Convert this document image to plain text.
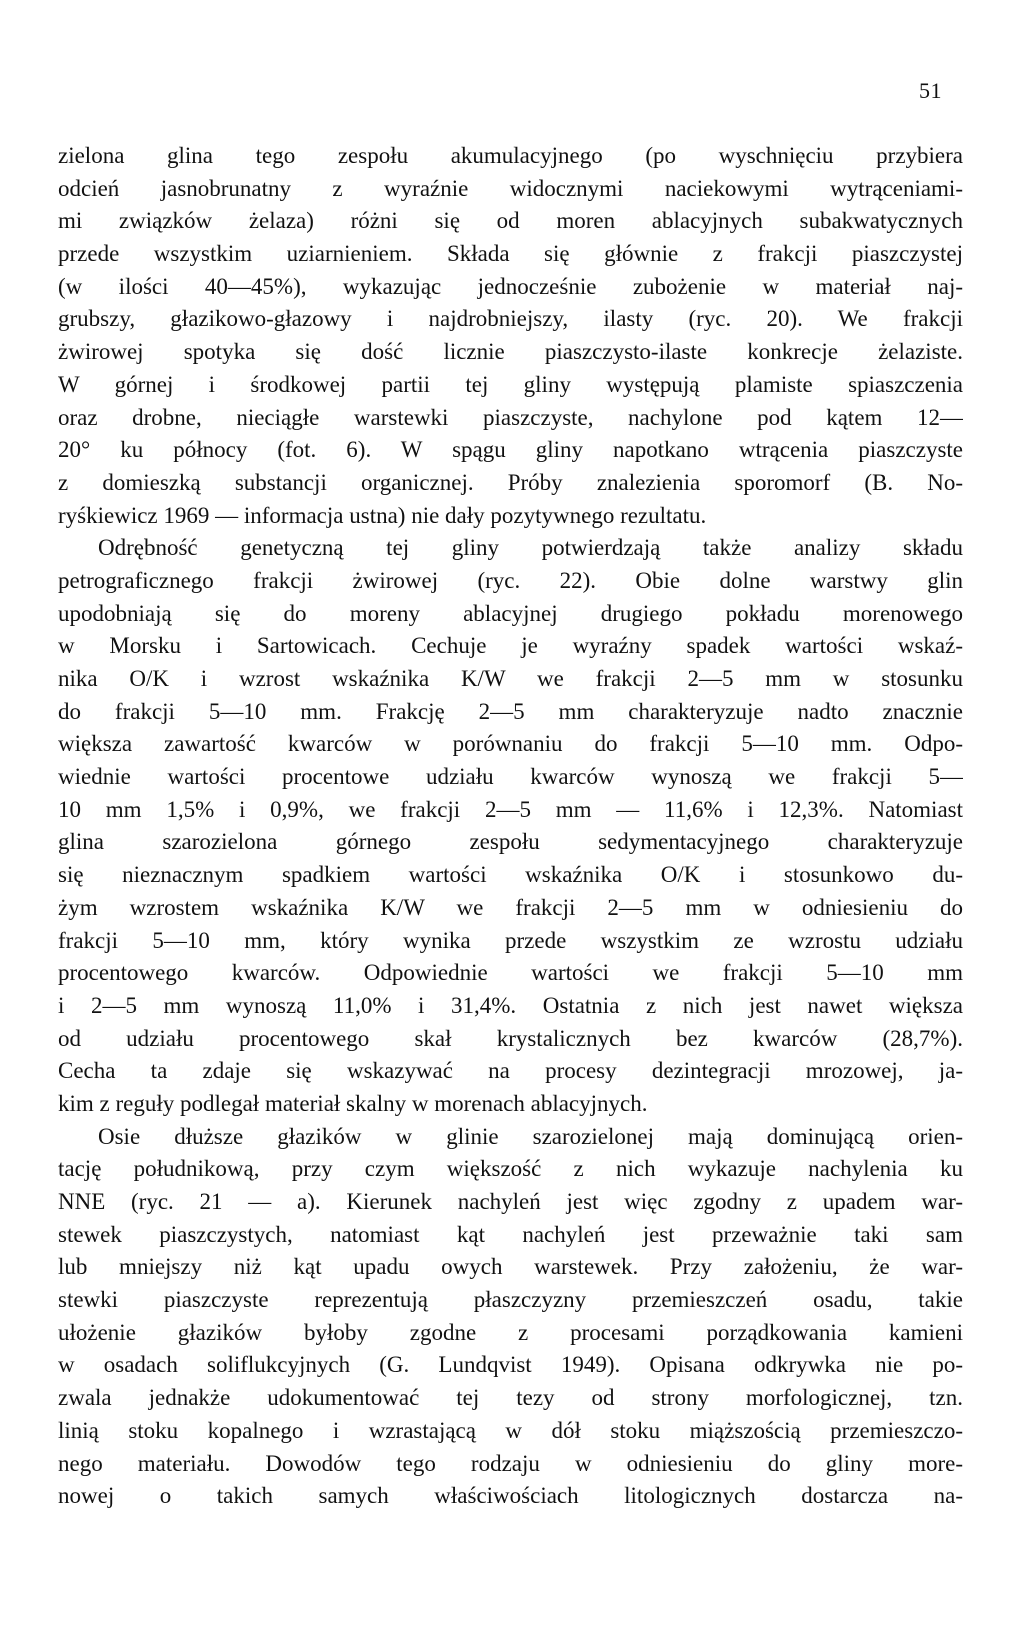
51
zielona glina tego zespołu akumulacyjnego (po wyschnięciu przybiera
odcień jasnobrunatny z wyraźnie widocznymi naciekowymi wytrąceniami-
mi związków żelaza) różni się od moren ablacyjnych subakwatycznych
przede wszystkim uziarnieniem. Składa się głównie z frakcji piaszczystej
(w ilości 40—45%), wykazując jednocześnie zubożenie w materiał naj-
grubszy, głazikowo-głazowy i najdrobniejszy, ilasty (ryc. 20). We frakcji
żwirowej spotyka się dość licznie piaszczysto-ilaste konkrecje żelaziste.
W górnej i środkowej partii tej gliny występują plamiste spiaszczenia
oraz drobne, nieciągłe warstewki piaszczyste, nachylone pod kątem 12—
20° ku północy (fot. 6). W spągu gliny napotkano wtrącenia piaszczyste
z domieszką substancji organicznej. Próby znalezienia sporomorf (B. No-
ryśkiewicz 1969 — informacja ustna) nie dały pozytywnego rezultatu.
Odrębność genetyczną tej gliny potwierdzają także analizy składu
petrograficznego frakcji żwirowej (ryc. 22). Obie dolne warstwy glin
upodobniają się do moreny ablacyjnej drugiego pokładu morenowego
w Morsku i Sartowicach. Cechuje je wyraźny spadek wartości wskaź-
nika O/K i wzrost wskaźnika K/W we frakcji 2—5 mm w stosunku
do frakcji 5—10 mm. Frakcję 2—5 mm charakteryzuje nadto znacznie
większa zawartość kwarców w porównaniu do frakcji 5—10 mm. Odpo-
wiednie wartości procentowe udziału kwarców wynoszą we frakcji 5—
10 mm 1,5% i 0,9%, we frakcji 2—5 mm — 11,6% i 12,3%. Natomiast
glina szarozielona górnego zespołu sedymentacyjnego charakteryzuje
się nieznacznym spadkiem wartości wskaźnika O/K i stosunkowo du-
żym wzrostem wskaźnika K/W we frakcji 2—5 mm w odniesieniu do
frakcji 5—10 mm, który wynika przede wszystkim ze wzrostu udziału
procentowego kwarców. Odpowiednie wartości we frakcji 5—10 mm
i 2—5 mm wynoszą 11,0% i 31,4%. Ostatnia z nich jest nawet większa
od udziału procentowego skał krystalicznych bez kwarców (28,7%).
Cecha ta zdaje się wskazywać na procesy dezintegracji mrozowej, ja-
kim z reguły podlegał materiał skalny w morenach ablacyjnych.
Osie dłuższe głazików w glinie szarozielonej mają dominującą orien-
tację południkową, przy czym większość z nich wykazuje nachylenia ku
NNE (ryc. 21 — a). Kierunek nachyleń jest więc zgodny z upadem war-
stewek piaszczystych, natomiast kąt nachyleń jest przeważnie taki sam
lub mniejszy niż kąt upadu owych warstewek. Przy założeniu, że war-
stewki piaszczyste reprezentują płaszczyzny przemieszczeń osadu, takie
ułożenie głazików byłoby zgodne z procesami porządkowania kamieni
w osadach soliflukcyjnych (G. Lundqvist 1949). Opisana odkrywka nie po-
zwala jednakże udokumentować tej tezy od strony morfologicznej, tzn.
linią stoku kopalnego i wzrastającą w dół stoku miąższością przemieszczo-
nego materiału. Dowodów tego rodzaju w odniesieniu do gliny more-
nowej o takich samych właściwościach litologicznych dostarcza na-
